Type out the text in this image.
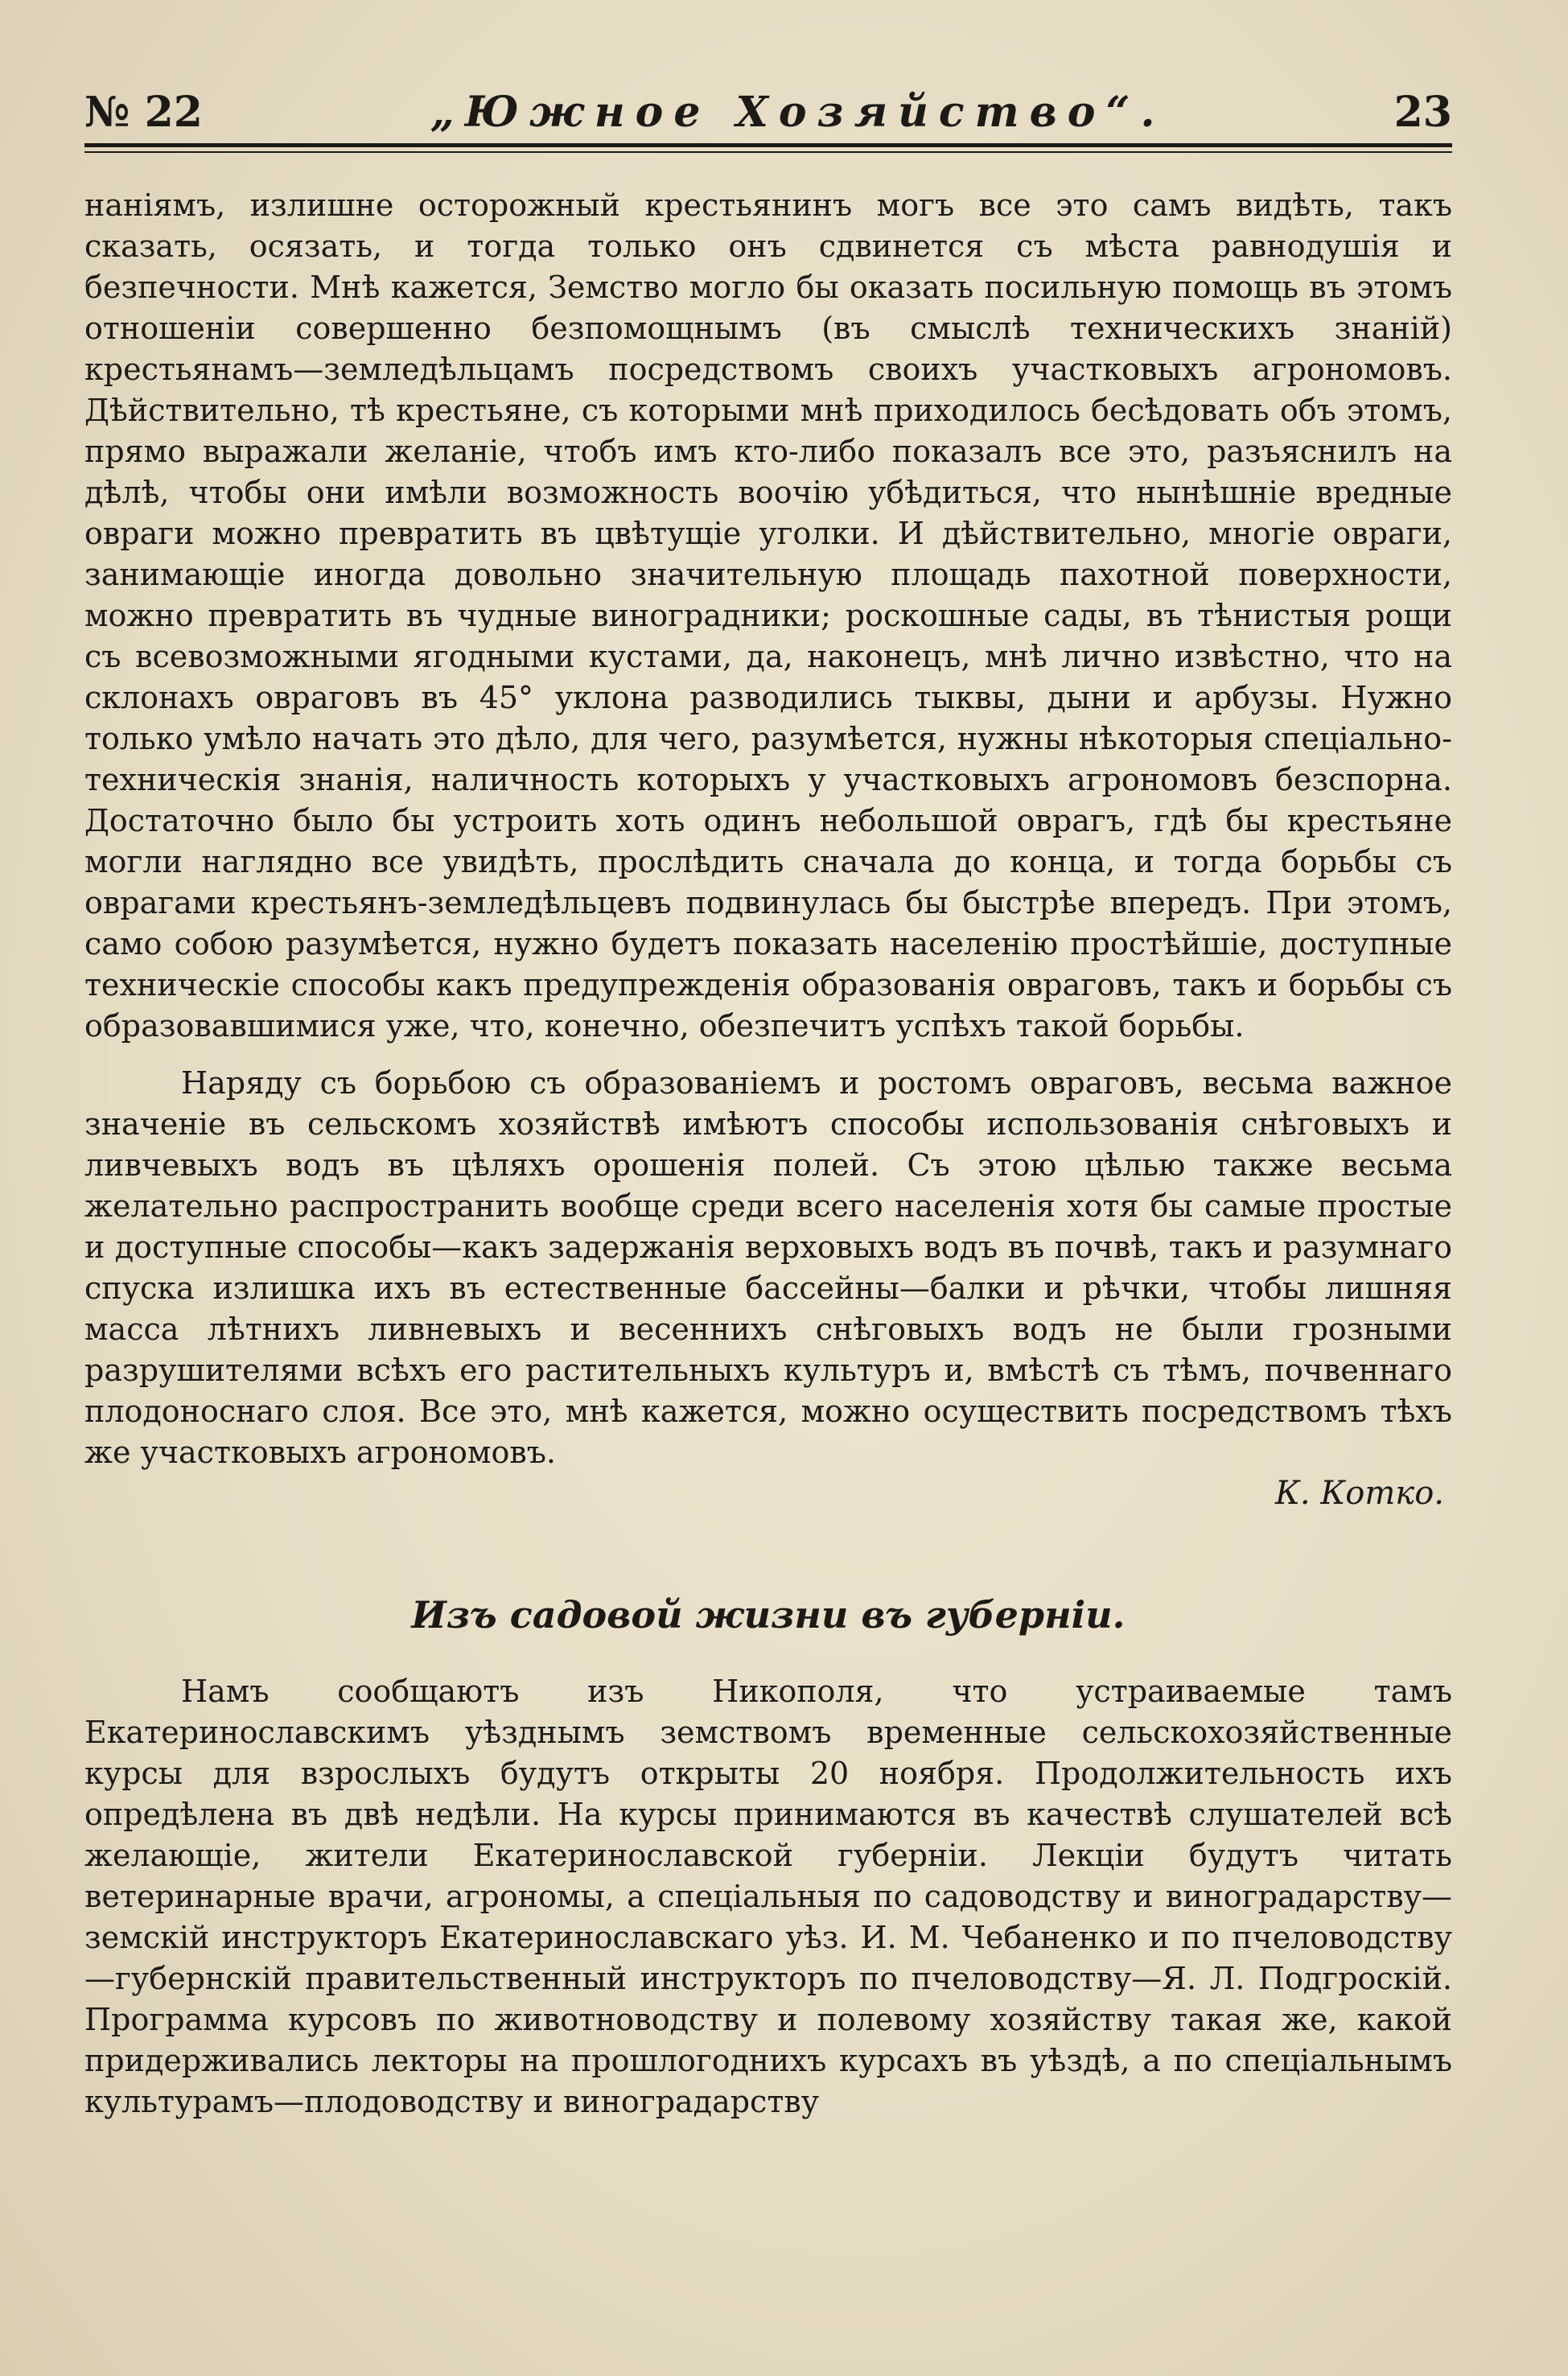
№ 22	„Южное Хозяйство“.	23

наніямъ, излишне осторожный крестьянинъ могъ все это самъ видѣть, такъ сказать, осязать, и тогда только онъ сдвинется съ мѣста равнодушія и безпечности. Мнѣ кажется, Земство могло бы оказать посильную помощь въ этомъ отношеніи совершенно безпомощнымъ (въ смыслѣ техническихъ знаній) крестьянамъ—земледѣльцамъ посредствомъ своихъ участковыхъ агрономовъ. Дѣйствительно, тѣ крестьяне, съ которыми мнѣ приходилось бесѣдовать объ этомъ, прямо выражали желаніе, чтобъ имъ кто-либо показалъ все это, разъяснилъ на дѣлѣ, чтобы они имѣли возможность воочію убѣдиться, что нынѣшніе вредные овраги можно превратить въ цвѣтущіе уголки. И дѣйствительно, многіе овраги, занимающіе иногда довольно значительную площадь пахотной поверхности, можно превратить въ чудные виноградники; роскошные сады, въ тѣнистыя рощи съ всевозможными ягодными кустами, да, наконецъ, мнѣ лично извѣстно, что на склонахъ овраговъ въ 45° уклона разводились тыквы, дыни и арбузы. Нужно только умѣло начать это дѣло, для чего, разумѣется, нужны нѣкоторыя спеціально-техническія знанія, наличность которыхъ у участковыхъ агрономовъ безспорна. Достаточно было бы устроить хоть одинъ небольшой оврагъ, гдѣ бы крестьяне могли наглядно все увидѣть, прослѣдить сначала до конца, и тогда борьбы съ оврагами крестьянъ-земледѣльцевъ подвинулась бы быстрѣе впередъ. При этомъ, само собою разумѣется, нужно будетъ показать населенію простѣйшіе, доступные техническіе способы какъ предупрежденія образованія овраговъ, такъ и борьбы съ образовавшимися уже, что, конечно, обезпечитъ успѣхъ такой борьбы.

Наряду съ борьбою съ образованіемъ и ростомъ овраговъ, весьма важное значеніе въ сельскомъ хозяйствѣ имѣютъ способы использованія снѣговыхъ и ливчевыхъ водъ въ цѣляхъ орошенія полей. Съ этою цѣлью также весьма желательно распространить вообще среди всего населенія хотя бы самые простые и доступные способы—какъ задержанія верховыхъ водъ въ почвѣ, такъ и разумнаго спуска излишка ихъ въ естественные бассейны—балки и рѣчки, чтобы лишняя масса лѣтнихъ ливневыхъ и весеннихъ снѣговыхъ водъ не были грозными разрушителями всѣхъ его растительныхъ культуръ и, вмѣстѣ съ тѣмъ, почвеннаго плодоноснаго слоя. Все это, мнѣ кажется, можно осуществить посредствомъ тѣхъ же участковыхъ агрономовъ.

К. Котко.

Изъ садовой жизни въ губерніи.

Намъ сообщаютъ изъ Никополя, что устраиваемые тамъ Екатеринославскимъ уѣзднымъ земствомъ временные сельскохозяйственные курсы для взрослыхъ будутъ открыты 20 ноября. Продолжительность ихъ опредѣлена въ двѣ недѣли. На курсы принимаются въ качествѣ слушателей всѣ желающіе, жители Екатеринославской губерніи. Лекціи будутъ читать ветеринарные врачи, агрономы, а спеціальныя по садоводству и виноградарству—земскій инструкторъ Екатеринославскаго уѣз. И. М. Чебаненко и по пчеловодству—губернскій правительственный инструкторъ по пчеловодству—Я. Л. Подгроскій. Программа курсовъ по животноводству и полевому хозяйству такая же, какой придерживались лекторы на прошлогоднихъ курсахъ въ уѣздѣ, а по спеціальнымъ культурамъ—плодоводству и виноградарству
